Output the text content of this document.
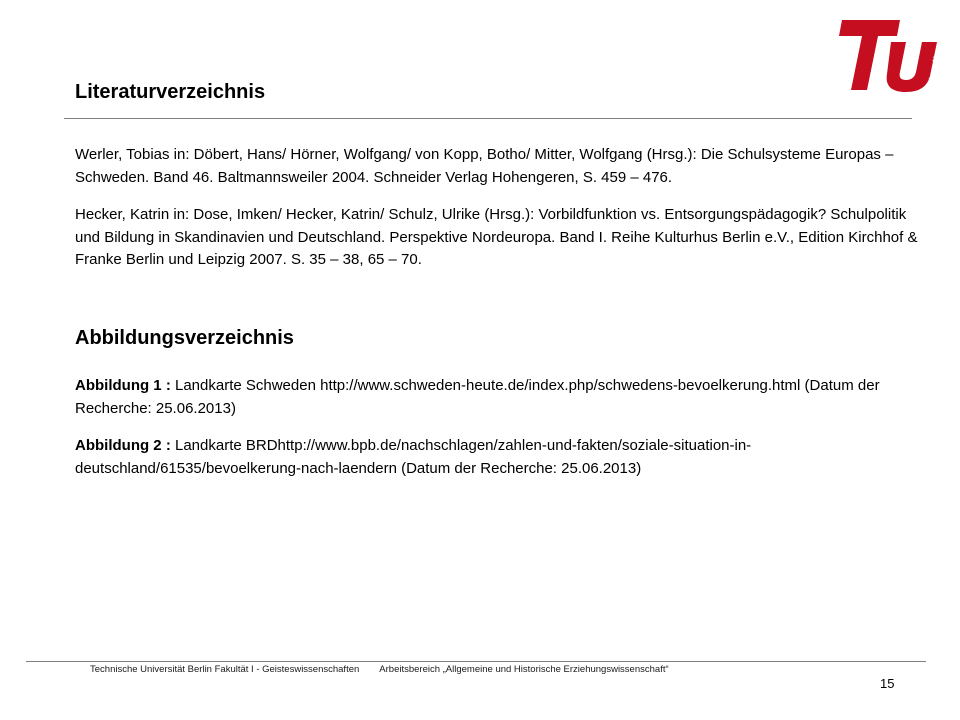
berlin
Literaturverzeichnis
Werler, Tobias in: Döbert, Hans/ Hörner, Wolfgang/ von Kopp, Botho/ Mitter, Wolfgang (Hrsg.): Die Schulsysteme Europas – Schweden. Band 46. Baltmannsweiler 2004. Schneider Verlag Hohengeren, S. 459 – 476.
Hecker, Katrin in: Dose, Imken/ Hecker, Katrin/ Schulz, Ulrike (Hrsg.): Vorbildfunktion vs. Entsorgungspädagogik? Schulpolitik und Bildung in Skandinavien und Deutschland. Perspektive Nordeuropa. Band I. Reihe Kulturhus Berlin e.V., Edition Kirchhof & Franke Berlin und Leipzig 2007. S. 35 – 38, 65 – 70.
Abbildungsverzeichnis
Abbildung 1 : Landkarte Schweden http://www.schweden-heute.de/index.php/schwedens-bevoelkerung.html (Datum der Recherche: 25.06.2013)
Abbildung 2 : Landkarte BRDhttp://www.bpb.de/nachschlagen/zahlen-und-fakten/soziale-situation-in-deutschland/61535/bevoelkerung-nach-laendern (Datum der Recherche: 25.06.2013)
Technische Universität Berlin Fakultät I - Geisteswissenschaften Arbeitsbereich „Allgemeine und Historische Erziehungswissenschaft“
15
